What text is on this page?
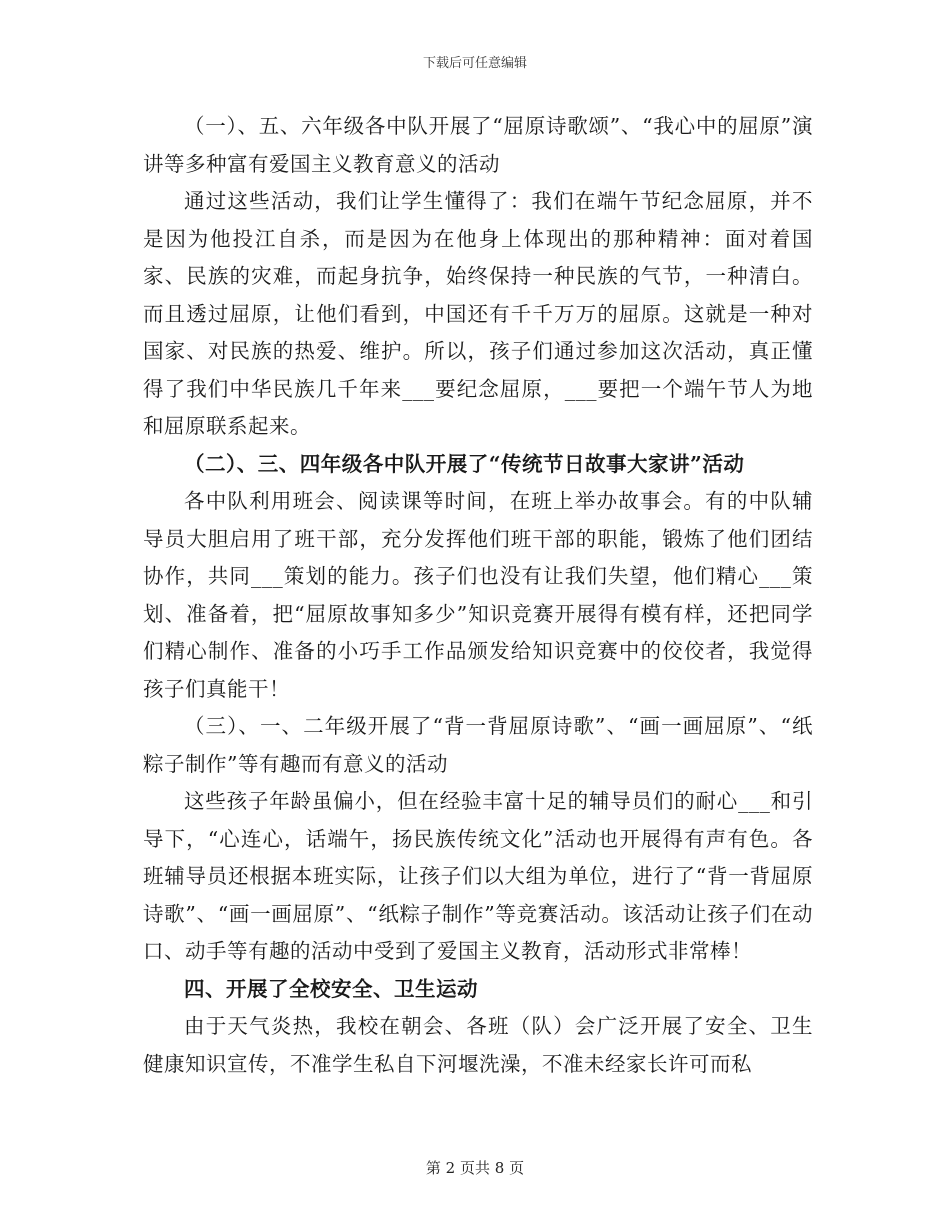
下载后可任意编辑

（一）、五、六年级各中队开展了“屈原诗歌颂”、“我心中的屈原”演讲等多种富有爱国主义教育意义的活动

通过这些活动，我们让学生懂得了：我们在端午节纪念屈原，并不是因为他投江自杀，而是因为在他身上体现出的那种精神：面对着国家、民族的灾难，而起身抗争，始终保持一种民族的气节，一种清白。而且透过屈原，让他们看到，中国还有千千万万的屈原。这就是一种对国家、对民族的热爱、维护。所以，孩子们通过参加这次活动，真正懂得了我们中华民族几千年来___要纪念屈原，___要把一个端午节人为地和屈原联系起来。

（二）、三、四年级各中队开展了“传统节日故事大家讲”活动

各中队利用班会、阅读课等时间，在班上举办故事会。有的中队辅导员大胆启用了班干部，充分发挥他们班干部的职能，锻炼了他们团结协作，共同___策划的能力。孩子们也没有让我们失望，他们精心___策划、准备着，把“屈原故事知多少”知识竞赛开展得有模有样，还把同学们精心制作、准备的小巧手工作品颁发给知识竞赛中的佼佼者，我觉得孩子们真能干！

（三）、一、二年级开展了“背一背屈原诗歌”、“画一画屈原”、“纸粽子制作”等有趣而有意义的活动

这些孩子年龄虽偏小，但在经验丰富十足的辅导员们的耐心___和引导下，“心连心，话端午，扬民族传统文化”活动也开展得有声有色。各班辅导员还根据本班实际，让孩子们以大组为单位，进行了“背一背屈原诗歌”、“画一画屈原”、“纸粽子制作”等竞赛活动。该活动让孩子们在动口、动手等有趣的活动中受到了爱国主义教育，活动形式非常棒！

四、开展了全校安全、卫生运动

由于天气炎热，我校在朝会、各班（队）会广泛开展了安全、卫生健康知识宣传，不准学生私自下河堰洗澡，不准未经家长许可而私

第 2 页共 8 页
